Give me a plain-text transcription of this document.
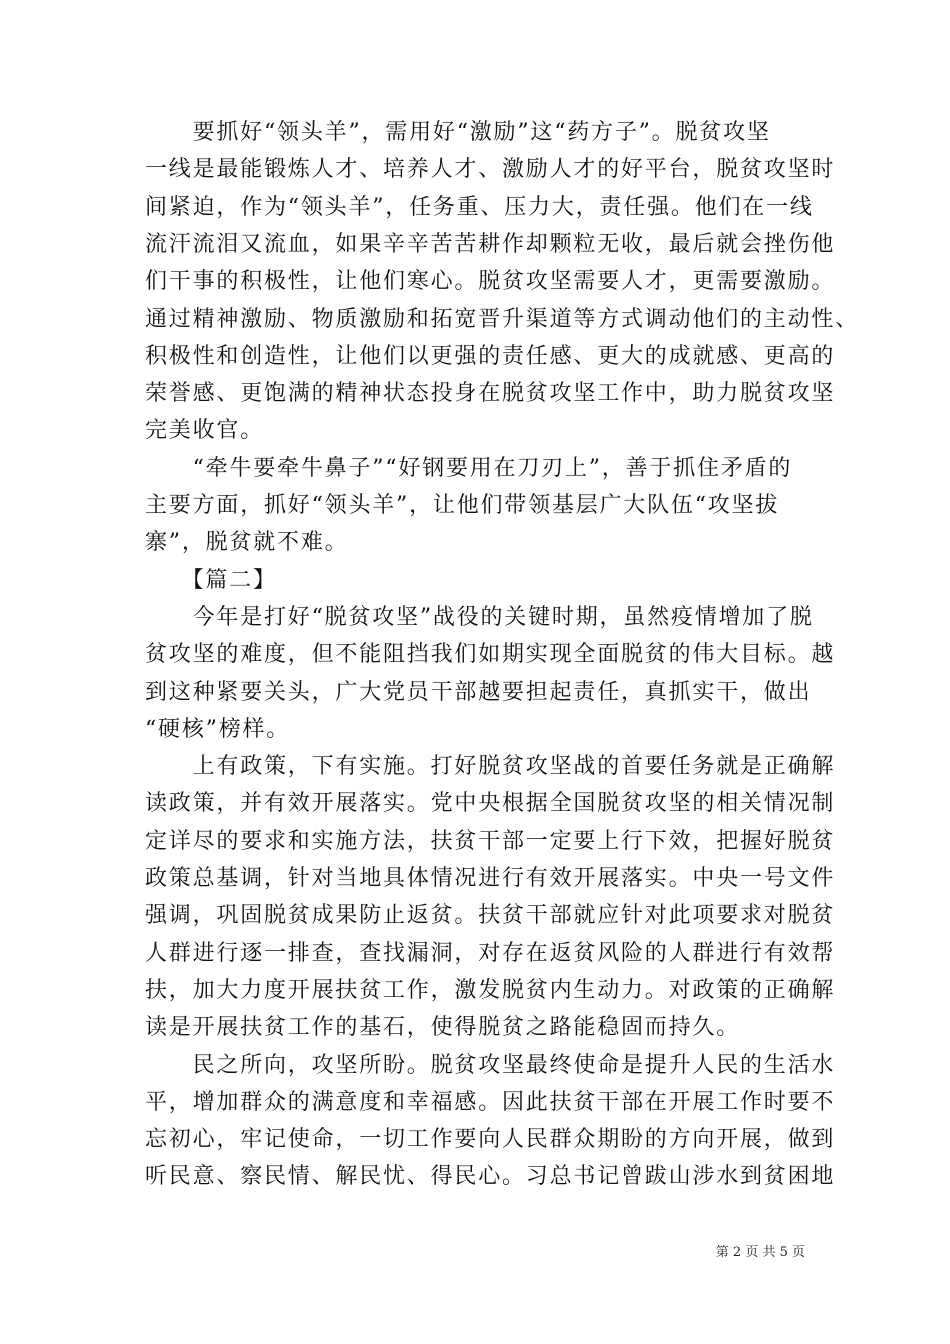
　　要抓好“领头羊”，需用好“激励”这“药方子”。脱贫攻坚
一线是最能锻炼人才、培养人才、激励人才的好平台，脱贫攻坚时
间紧迫，作为“领头羊”，任务重、压力大，责任强。他们在一线
流汗流泪又流血，如果辛辛苦苦耕作却颗粒无收，最后就会挫伤他
们干事的积极性，让他们寒心。脱贫攻坚需要人才，更需要激励。
通过精神激励、物质激励和拓宽晋升渠道等方式调动他们的主动性、
积极性和创造性，让他们以更强的责任感、更大的成就感、更高的
荣誉感、更饱满的精神状态投身在脱贫攻坚工作中，助力脱贫攻坚
完美收官。
　　“牵牛要牵牛鼻子”“好钢要用在刀刃上”，善于抓住矛盾的
主要方面，抓好“领头羊”，让他们带领基层广大队伍“攻坚拔
寨”，脱贫就不难。
　　【篇二】
　　今年是打好“脱贫攻坚”战役的关键时期，虽然疫情增加了脱
贫攻坚的难度，但不能阻挡我们如期实现全面脱贫的伟大目标。越
到这种紧要关头，广大党员干部越要担起责任，真抓实干，做出
“硬核”榜样。
　　上有政策，下有实施。打好脱贫攻坚战的首要任务就是正确解
读政策，并有效开展落实。党中央根据全国脱贫攻坚的相关情况制
定详尽的要求和实施方法，扶贫干部一定要上行下效，把握好脱贫
政策总基调，针对当地具体情况进行有效开展落实。中央一号文件
强调，巩固脱贫成果防止返贫。扶贫干部就应针对此项要求对脱贫
人群进行逐一排查，查找漏洞，对存在返贫风险的人群进行有效帮
扶，加大力度开展扶贫工作，激发脱贫内生动力。对政策的正确解
读是开展扶贫工作的基石，使得脱贫之路能稳固而持久。
　　民之所向，攻坚所盼。脱贫攻坚最终使命是提升人民的生活水
平，增加群众的满意度和幸福感。因此扶贫干部在开展工作时要不
忘初心，牢记使命，一切工作要向人民群众期盼的方向开展，做到
听民意、察民情、解民忧、得民心。习总书记曾跋山涉水到贫困地
第 2 页 共 5 页
